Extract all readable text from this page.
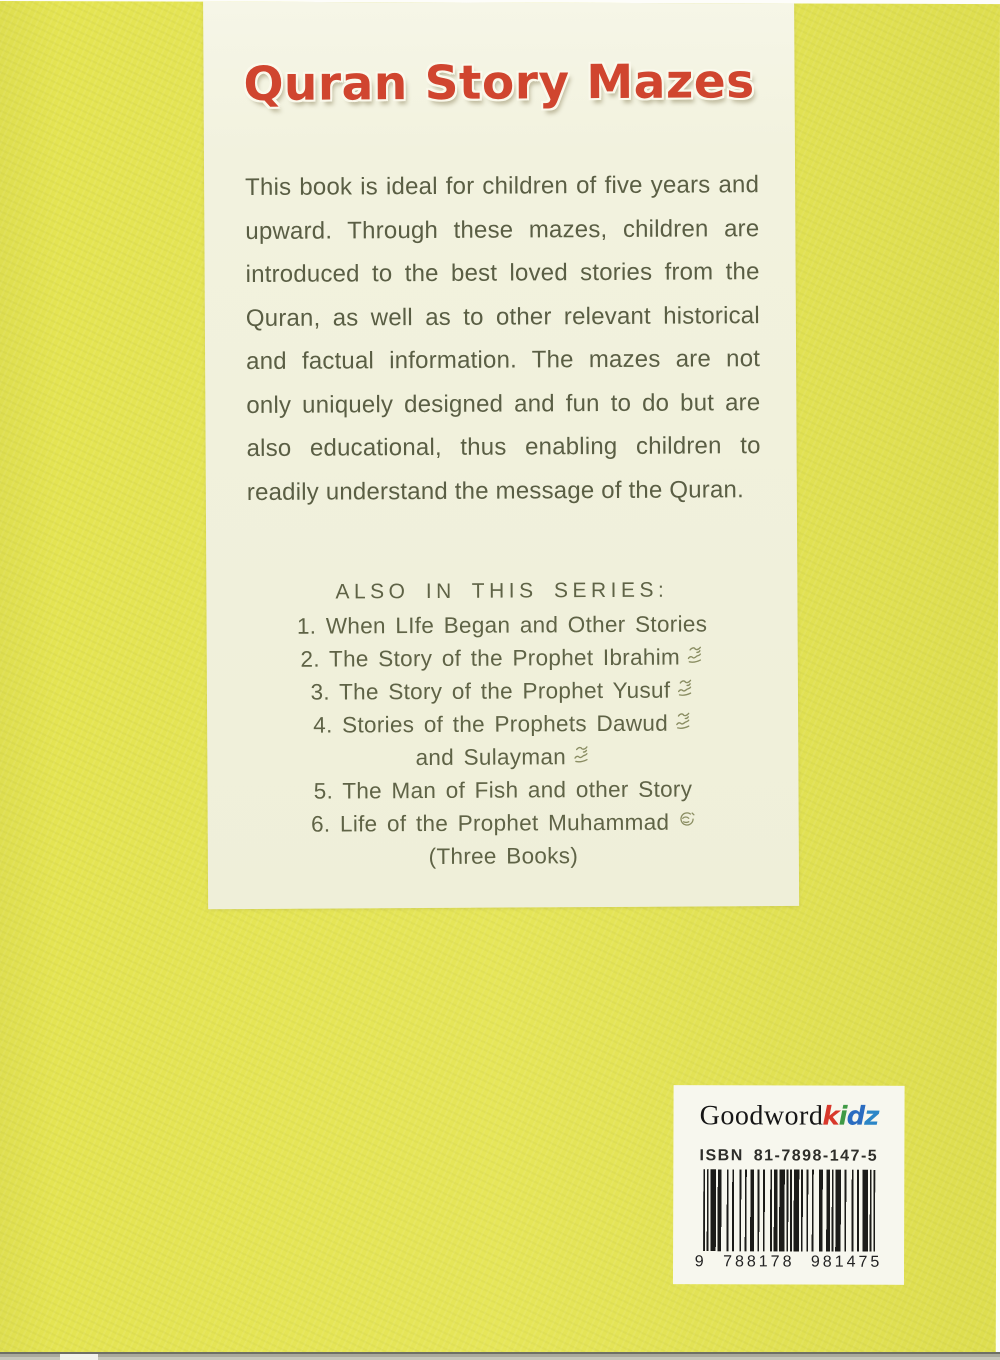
Quran Story Mazes
This book is ideal for children of five years and
upward. Through these mazes, children are
introduced to the best loved stories from the
Quran, as well as to other relevant historical
and factual information. The mazes are not
only uniquely designed and fun to do but are
also educational, thus enabling children to
readily understand the message of the Quran.
ALSO IN THIS SERIES:
1. When LIfe Began and Other Stories
2. The Story of the Prophet Ibrahim
3. The Story of the Prophet Yusuf
4. Stories of the Prophets Dawud
and Sulayman
5. The Man of Fish and other Story
6. Life of the Prophet Muhammad
(Three Books)
Goodwordkidz
ISBN 81-7898-147-5
9 788178 981475
